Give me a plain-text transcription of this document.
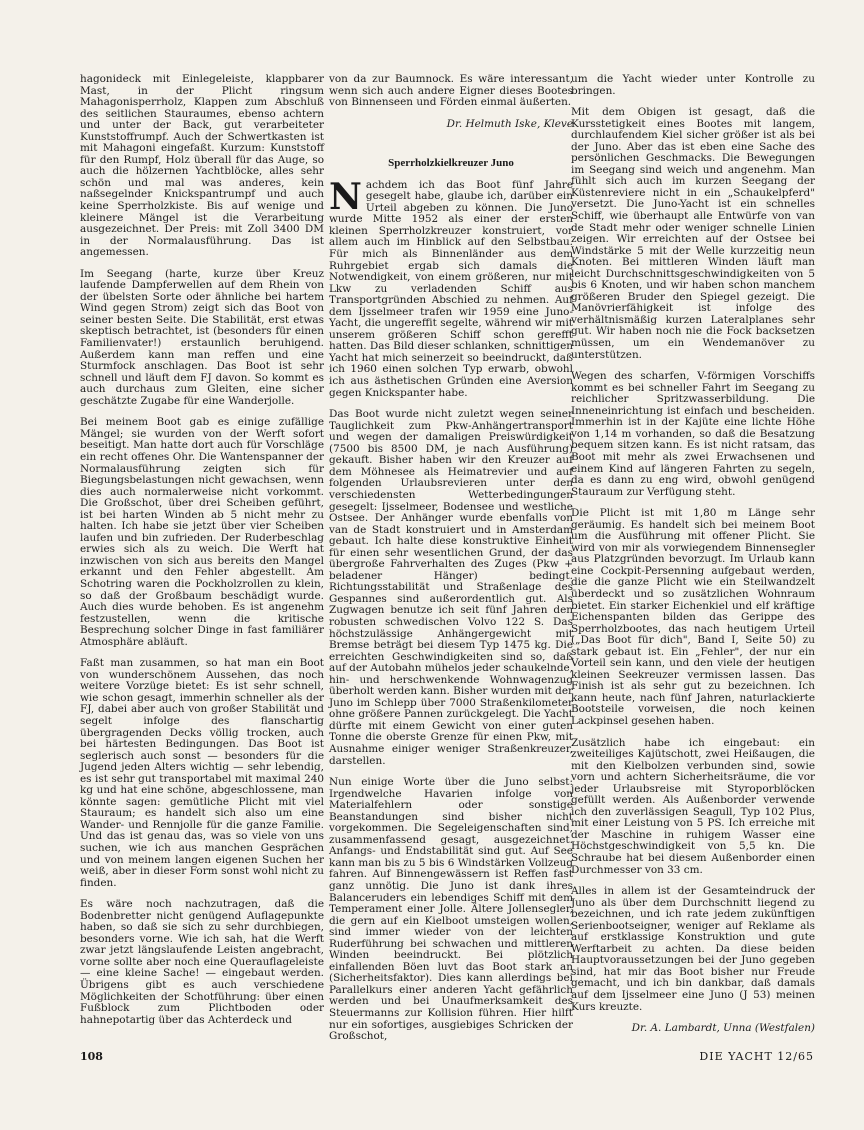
hagonideck mit Einlegeleiste, klappbarer Mast, in der Plicht ringsum Mahagonisperrholz, Klappen zum Abschluß des seitlichen Stauraumes, ebenso achtern und unter der Back, gut verarbeiteter Kunststoffrumpf. Auch der Schwertkasten ist mit Mahagoni eingefaßt. Kurzum: Kunststoff für den Rumpf, Holz überall für das Auge, so auch die hölzernen Yachtblöcke, alles sehr schön und mal was anderes, kein naßsegelnder Knickspantrumpf und auch keine Sperrholzkiste. Bis auf wenige und kleinere Mängel ist die Verarbeitung ausgezeichnet. Der Preis: mit Zoll 3400 DM in der Normalausführung. Das ist angemessen.

Im Seegang (harte, kurze über Kreuz laufende Dampferwellen auf dem Rhein von der übelsten Sorte oder ähnliche bei hartem Wind gegen Strom) zeigt sich das Boot von seiner besten Seite. Die Stabilität, erst etwas skeptisch betrachtet, ist (besonders für einen Familienvater!) erstaunlich beruhigend. Außerdem kann man reffen und eine Sturmfock anschlagen. Das Boot ist sehr schnell und läuft dem FJ davon. So kommt es auch durchaus zum Gleiten, eine sicher geschätzte Zugabe für eine Wanderjolle.

Bei meinem Boot gab es einige zufällige Mängel; sie wurden von der Werft sofort beseitigt. Man hatte dort auch für Vorschläge ein recht offenes Ohr. Die Wantenspanner der Normalausführung zeigten sich für Biegungsbelastungen nicht gewachsen, wenn dies auch normalerweise nicht vorkommt. Die Großschot, über drei Scheiben geführt, ist bei harten Winden ab 5 nicht mehr zu halten. Ich habe sie jetzt über vier Scheiben laufen und bin zufrieden. Der Ruderbeschlag erwies sich als zu weich. Die Werft hat inzwischen von sich aus bereits den Mangel erkannt und den Fehler abgestellt. Am Schotring waren die Pockholzrollen zu klein, so daß der Großbaum beschädigt wurde. Auch dies wurde behoben. Es ist angenehm festzustellen, wenn die kritische Besprechung solcher Dinge in fast familiärer Atmosphäre abläuft.

Faßt man zusammen, so hat man ein Boot von wunderschönem Aussehen, das noch weitere Vorzüge bietet: Es ist sehr schnell, wie schon gesagt, immerhin schneller als der FJ, dabei aber auch von großer Stabilität und segelt infolge des flanschartig übergragenden Decks völlig trocken, auch bei härtesten Bedingungen. Das Boot ist seglerisch auch sonst — besonders für die Jugend jeden Alters wichtig — sehr lebendig, es ist sehr gut transportabel mit maximal 240 kg und hat eine schöne, abgeschlossene, man könnte sagen: gemütliche Plicht mit viel Stauraum; es handelt sich also um eine Wander- und Rennjolle für die ganze Familie. Und das ist genau das, was so viele von uns suchen, wie ich aus manchen Gesprächen und von meinem langen eigenen Suchen her weiß, aber in dieser Form sonst wohl nicht zu finden.

Es wäre noch nachzutragen, daß die Bodenbretter nicht genügend Auflagepunkte haben, so daß sie sich zu sehr durchbiegen, besonders vorne. Wie ich sah, hat die Werft zwar jetzt längslaufende Leisten angebracht, vorne sollte aber noch eine Querauflageleiste — eine kleine Sache! — eingebaut werden. Übrigens gibt es auch verschiedene Möglichkeiten der Schotführung: über einen Fußblock zum Plichtboden oder hahnepotartig über das Achterdeck und

von da zur Baumnock. Es wäre interessant, wenn sich auch andere Eigner dieses Bootes von Binnenseen und Förden einmal äußerten.

Dr. Helmuth Iske, Kleve
Sperrholzkielkreuzer Juno

Nachdem ich das Boot fünf Jahre gesegelt habe, glaube ich, darüber ein Urteil abgeben zu können. Die Juno wurde Mitte 1952 als einer der ersten kleinen Sperrholzkreuzer konstruiert, vor allem auch im Hinblick auf den Selbstbau. Für mich als Binnenländer aus dem Ruhrgebiet ergab sich damals die Notwendigkeit, von einem größeren, nur mit Lkw zu verladenden Schiff aus Transportgründen Abschied zu nehmen. Auf dem Ijsselmeer trafen wir 1959 eine Juno-Yacht, die ungereffit segelte, während wir mit unserem größeren Schiff schon gerefft hatten. Das Bild dieser schlanken, schnittigen Yacht hat mich seinerzeit so beeindruckt, daß ich 1960 einen solchen Typ erwarb, obwohl ich aus ästhetischen Gründen eine Aversion gegen Knickspanter habe.

Das Boot wurde nicht zuletzt wegen seiner Tauglichkeit zum Pkw-Anhängertransport und wegen der damaligen Preiswürdigkeit (7500 bis 8500 DM, je nach Ausführung) gekauft. Bisher haben wir den Kreuzer auf dem Möhnesee als Heimatrevier und auf folgenden Urlaubsrevieren unter den verschiedensten Wetterbedingungen gesegelt: Ijsselmeer, Bodensee und westliche Ostsee. Der Anhänger wurde ebenfalls von van de Stadt konstruiert und in Amsterdam gebaut. Ich halte diese konstruktive Einheit für einen sehr wesentlichen Grund, der das übergroße Fahrverhalten des Zuges (Pkw + beladener Hänger) bedingt. Richtungsstabilität und Straßenlage des Gespannes sind außerordentlich gut. Als Zugwagen benutze ich seit fünf Jahren den robusten schwedischen Volvo 122 S. Das höchstzulässige Anhängergewicht mit Bremse beträgt bei diesem Typ 1475 kg. Die erreichten Geschwindigkeiten sind so, daß auf der Autobahn mühelos jeder schaukelnde, hin- und herschwenkende Wohnwagenzug überholt werden kann. Bisher wurden mit der Juno im Schlepp über 7000 Straßenkilometer ohne größere Pannen zurückgelegt. Die Yacht dürfte mit einem Gewicht von einer guten Tonne die oberste Grenze für einen Pkw, mit Ausnahme einiger weniger Straßenkreuzer, darstellen.

Nun einige Worte über die Juno selbst: Irgendwelche Havarien infolge von Materialfehlern oder sonstige Beanstandungen sind bisher nicht vorgekommen. Die Segeleigenschaften sind, zusammenfassend gesagt, ausgezeichnet. Anfangs- und Endstabilität sind gut. Auf See kann man bis zu 5 bis 6 Windstärken Vollzeug fahren. Auf Binnengewässern ist Reffen fast ganz unnötig. Die Juno ist dank ihres Balanceruders ein lebendiges Schiff mit dem Temperament einer Jolle. Ältere Jollensegler, die gern auf ein Kielboot umsteigen wollen, sind immer wieder von der leichten Ruderführung bei schwachen und mittleren Winden beeindruckt. Bei plötzlich einfallenden Böen luvt das Boot stark an (Sicherheitsfaktor). Dies kann allerdings bei Parallelkurs einer anderen Yacht gefährlich werden und bei Unaufmerksamkeit des Steuermanns zur Kollision führen. Hier hilft nur ein sofortiges, ausgiebiges Schricken der Großschot,

um die Yacht wieder unter Kontrolle zu bringen.

Mit dem Obigen ist gesagt, daß die Kursstetigkeit eines Bootes mit langem, durchlaufendem Kiel sicher größer ist als bei der Juno. Aber das ist eben eine Sache des persönlichen Geschmacks. Die Bewegungen im Seegang sind weich und angenehm. Man fühlt sich auch im kurzen Seegang der Küstenreviere nicht in ein „Schaukelpferd" versetzt. Die Juno-Yacht ist ein schnelles Schiff, wie überhaupt alle Entwürfe von van de Stadt mehr oder weniger schnelle Linien zeigen. Wir erreichten auf der Ostsee bei Windstärke 5 mit der Welle kurzzeitig neun Knoten. Bei mittleren Winden läuft man leicht Durchschnittsgeschwindigkeiten von 5 bis 6 Knoten, und wir haben schon manchem größeren Bruder den Spiegel gezeigt. Die Manövrierfähigkeit ist infolge des verhältnismäßig kurzen Lateralplanes sehr gut. Wir haben noch nie die Fock backsetzen müssen, um ein Wendemanöver zu unterstützen.

Wegen des scharfen, V-förmigen Vorschiffs kommt es bei schneller Fahrt im Seegang zu reichlicher Spritzwasserbildung. Die Inneneinrichtung ist einfach und bescheiden. Immerhin ist in der Kajüte eine lichte Höhe von 1,14 m vorhanden, so daß die Besatzung bequem sitzen kann. Es ist nicht ratsam, das Boot mit mehr als zwei Erwachsenen und einem Kind auf längeren Fahrten zu segeln, da es dann zu eng wird, obwohl genügend Stauraum zur Verfügung steht.

Die Plicht ist mit 1,80 m Länge sehr geräumig. Es handelt sich bei meinem Boot um die Ausführung mit offener Plicht. Sie wird von mir als vorwiegendem Binnensegler aus Platzgründen bevorzugt. Im Urlaub kann eine Cockpit-Persenning aufgebaut werden, die die ganze Plicht wie ein Steilwandzelt überdeckt und so zusätzlichen Wohnraum bietet. Ein starker Eichenkiel und elf kräftige Eichenspanten bilden das Gerippe des Sperrholzbootes, das nach heutigem Urteil („Das Boot für dich", Band I, Seite 50) zu stark gebaut ist. Ein „Fehler", der nur ein Vorteil sein kann, und den viele der heutigen kleinen Seekreuzer vermissen lassen. Das Finish ist als sehr gut zu bezeichnen. Ich kann heute, nach fünf Jahren, naturlackierte Bootsteile vorweisen, die noch keinen Lackpinsel gesehen haben.

Zusätzlich habe ich eingebaut: ein zweiteiliges Kajütschott, zwei Heißaugen, die mit den Kielbolzen verbunden sind, sowie vorn und achtern Sicherheitsräume, die vor jeder Urlaubsreise mit Styroporblöcken gefüllt werden. Als Außenborder verwende ich den zuverlässigen Seagull, Typ 102 Plus, mit einer Leistung von 5 PS. Ich erreiche mit der Maschine in ruhigem Wasser eine Höchstgeschwindigkeit von 5,5 kn. Die Schraube hat bei diesem Außenborder einen Durchmesser von 33 cm.

Alles in allem ist der Gesamteindruck der Juno als über dem Durchschnitt liegend zu bezeichnen, und ich rate jedem zukünftigen Serienbootseigner, weniger auf Reklame als auf erstklassige Konstruktion und gute Werftarbeit zu achten. Da diese beiden Hauptvoraussetzungen bei der Juno gegeben sind, hat mir das Boot bisher nur Freude gemacht, und ich bin dankbar, daß damals auf dem Ijsselmeer eine Juno (J 53) meinen Kurs kreuzte.

Dr. A. Lambardt, Unna (Westfalen)
108	DIE YACHT 12/65
